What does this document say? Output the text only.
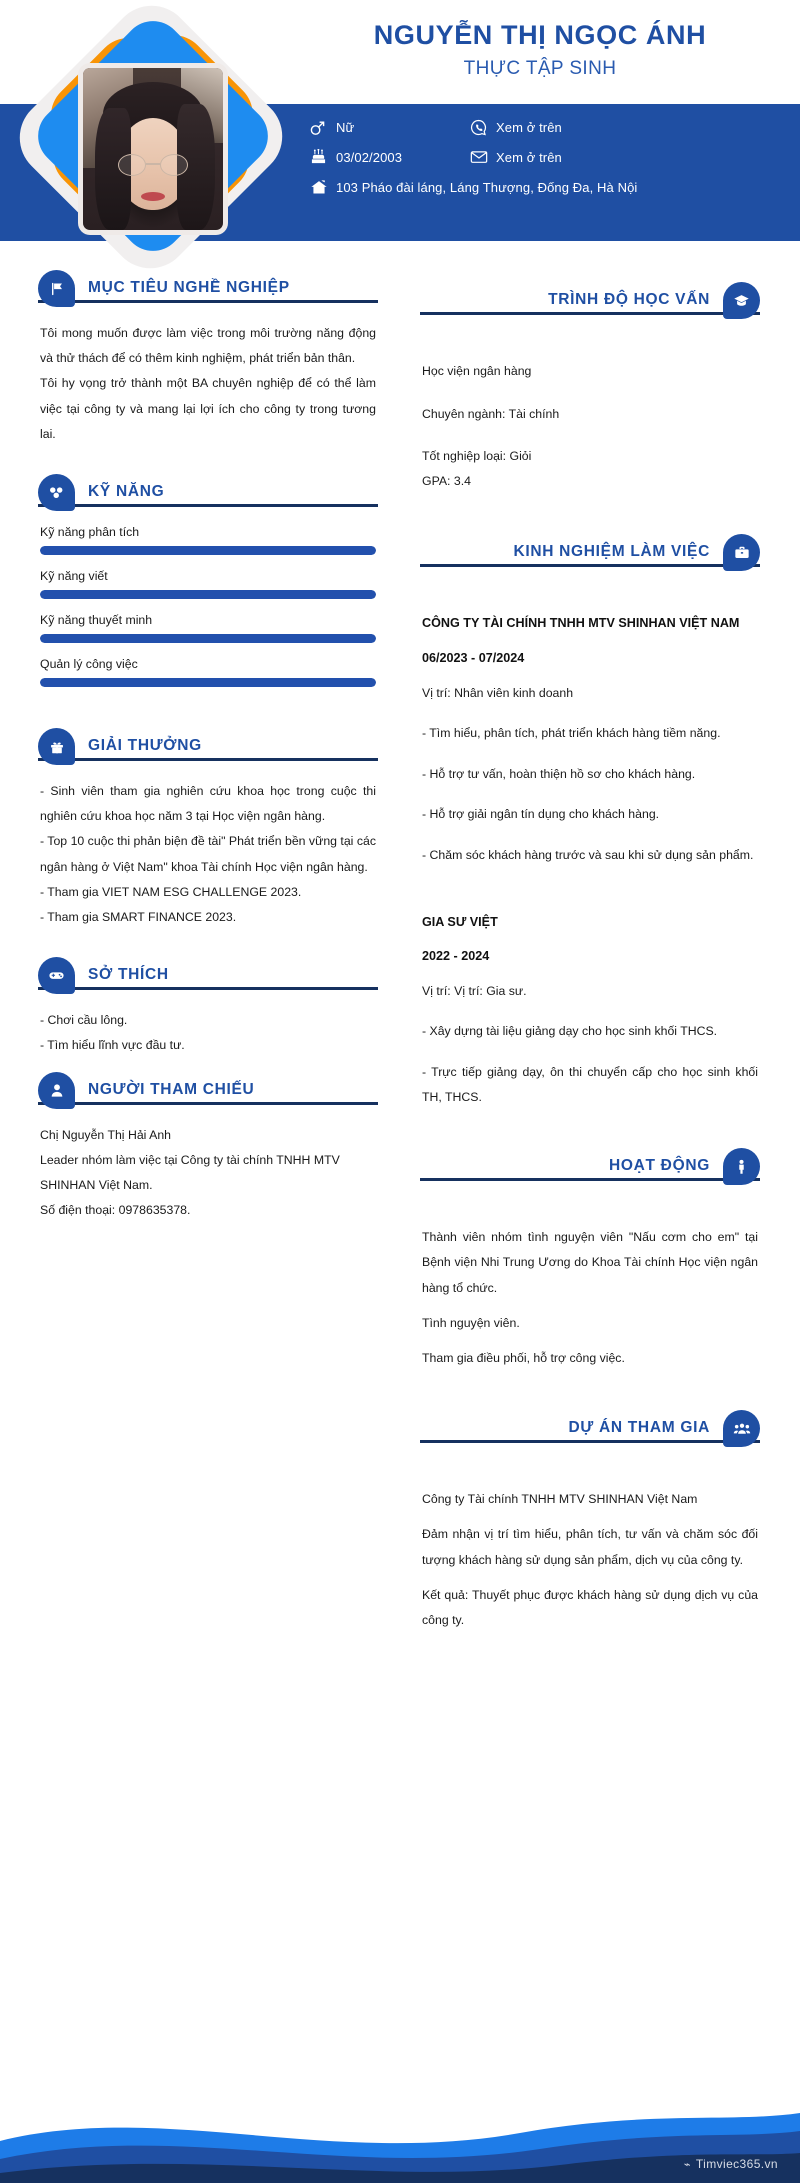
NGUYỄN THỊ NGỌC ÁNH
THỰC TẬP SINH
Nữ	Xem ở trên
03/02/2003	Xem ở trên
103 Pháo đài láng, Láng Thượng, Đống Đa, Hà Nội
MỤC TIÊU NGHỀ NGHIỆP
Tôi mong muốn được làm việc trong môi trường năng động và thử thách để có thêm kinh nghiệm, phát triển bản thân.
Tôi hy vọng trở thành một BA chuyên nghiệp để có thể làm việc tại công ty và mang lại lợi ích cho công ty trong tương lai.
KỸ NĂNG
Kỹ năng phân tích
Kỹ năng viết
Kỹ năng thuyết minh
Quản lý công việc
GIẢI THƯỞNG
- Sinh viên tham gia nghiên cứu khoa học trong cuộc thi nghiên cứu khoa học năm 3 tại Học viện ngân hàng.
- Top 10 cuộc thi phản biện đề tài" Phát triển bền vững tại các ngân hàng ở Việt Nam" khoa Tài chính Học viện ngân hàng.
- Tham gia VIET NAM ESG CHALLENGE 2023.
- Tham gia SMART FINANCE 2023.
SỞ THÍCH
- Chơi cầu lông.
- Tìm hiểu lĩnh vực đầu tư.
NGƯỜI THAM CHIẾU
Chị Nguyễn Thị Hải Anh
Leader nhóm làm việc tại Công ty tài chính TNHH MTV SHINHAN Việt Nam.
Số điện thoại: 0978635378.
TRÌNH ĐỘ HỌC VẤN
Học viện ngân hàng
Chuyên ngành: Tài chính
Tốt nghiệp loại: Giỏi
GPA: 3.4
KINH NGHIỆM LÀM VIỆC
CÔNG TY TÀI CHÍNH TNHH MTV SHINHAN VIỆT NAM
06/2023 - 07/2024
Vị trí: Nhân viên kinh doanh
- Tìm hiểu, phân tích, phát triển khách hàng tiềm năng.
- Hỗ trợ tư vấn, hoàn thiện hồ sơ cho khách hàng.
- Hỗ trợ giải ngân tín dụng cho khách hàng.
- Chăm sóc khách hàng trước và sau khi sử dụng sản phẩm.
GIA SƯ VIỆT
2022 - 2024
Vị trí: Vị trí: Gia sư.
- Xây dựng tài liệu giảng dạy cho học sinh khối THCS.
- Trực tiếp giảng dạy, ôn thi chuyển cấp cho học sinh khối TH, THCS.
HOẠT ĐỘNG
Thành viên nhóm tình nguyện viên "Nấu cơm cho em" tại Bệnh viện Nhi Trung Ương do Khoa Tài chính Học viện ngân hàng tổ chức.
Tình nguyện viên.
Tham gia điều phối, hỗ trợ công việc.
DỰ ÁN THAM GIA
Công ty Tài chính TNHH MTV SHINHAN Việt Nam
Đảm nhận vị trí tìm hiểu, phân tích, tư vấn và chăm sóc đối tượng khách hàng sử dụng sản phẩm, dịch vụ của công ty.
Kết quả: Thuyết phục được khách hàng sử dụng dịch vụ của công ty.
⌁ Timviec365.vn
